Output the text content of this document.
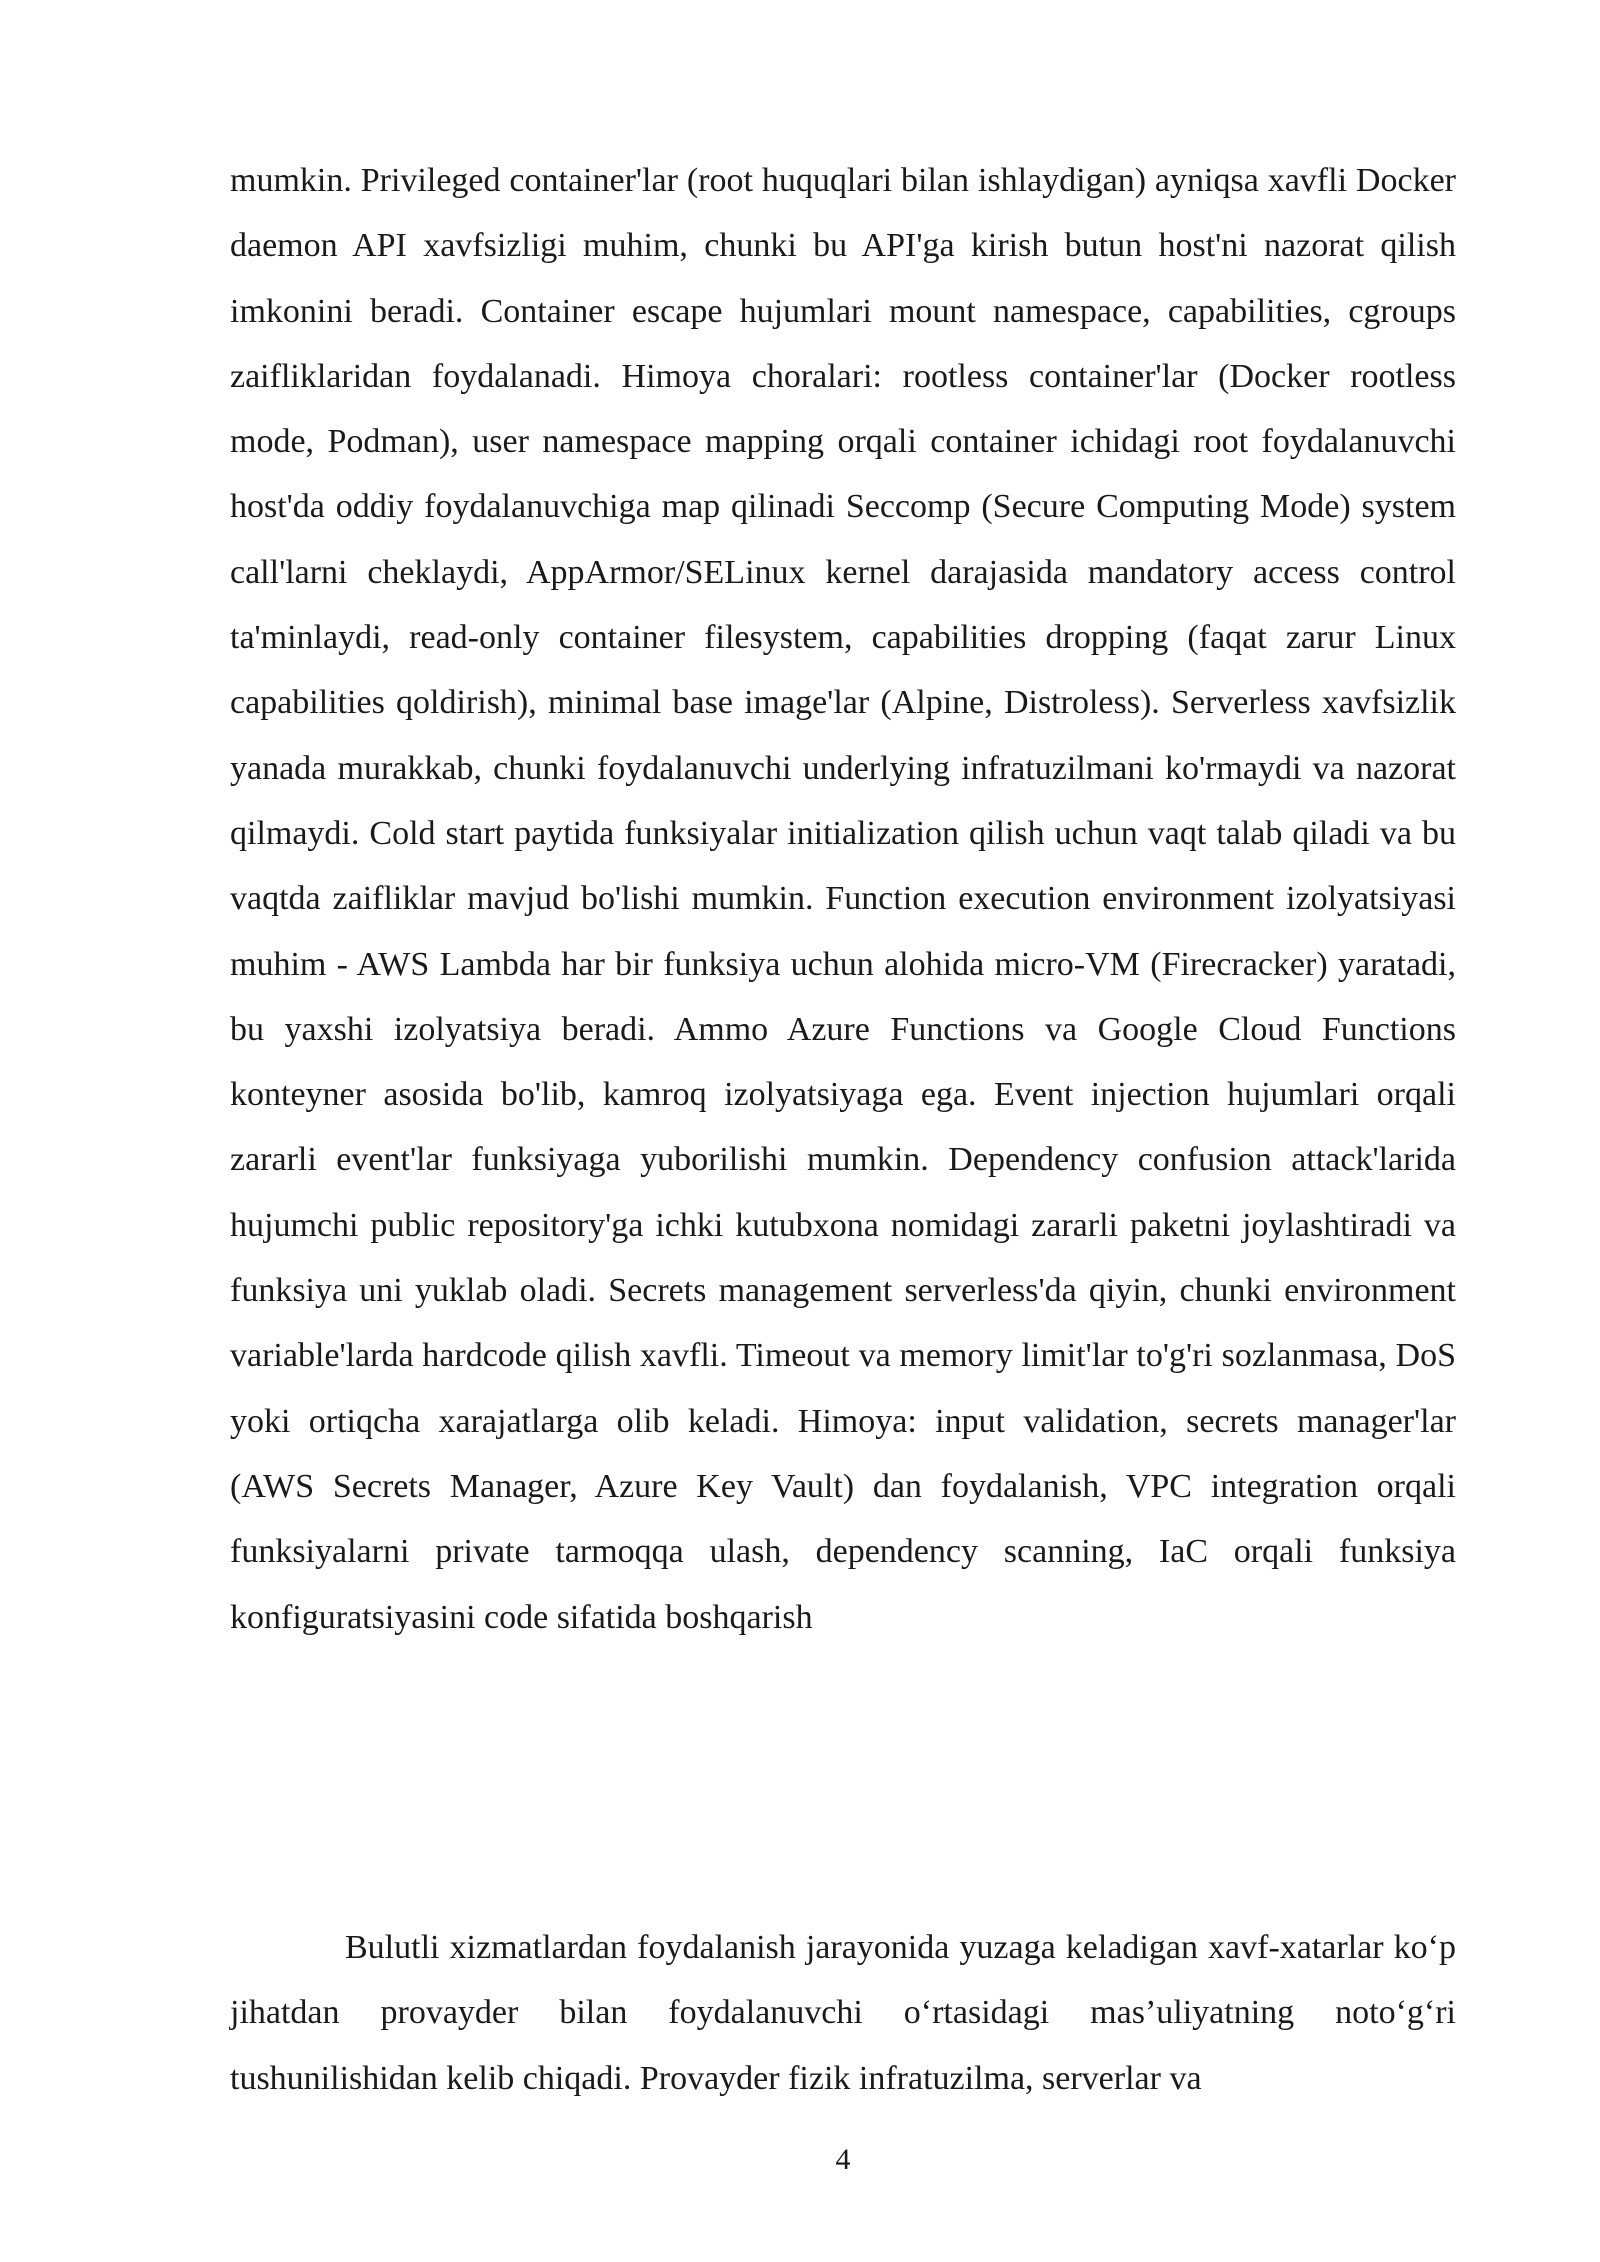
mumkin. Privileged container'lar (root huquqlari bilan ishlaydigan) ayniqsa xavfli Docker daemon API xavfsizligi muhim, chunki bu API'ga kirish butun host'ni nazorat qilish imkonini beradi. Container escape hujumlari mount namespace, capabilities, cgroups zaifliklaridan foydalanadi. Himoya choralari: rootless container'lar (Docker rootless mode, Podman), user namespace mapping orqali container ichidagi root foydalanuvchi host'da oddiy foydalanuvchiga map qilinadi Seccomp (Secure Computing Mode) system call'larni cheklaydi, AppArmor/SELinux kernel darajasida mandatory access control ta'minlaydi, read-only container filesystem, capabilities dropping (faqat zarur Linux capabilities qoldirish), minimal base image'lar (Alpine, Distroless). Serverless xavfsizlik yanada murakkab, chunki foydalanuvchi underlying infratuzilmani ko'rmaydi va nazorat qilmaydi. Cold start paytida funksiyalar initialization qilish uchun vaqt talab qiladi va bu vaqtda zaifliklar mavjud bo'lishi mumkin. Function execution environment izolyatsiyasi muhim - AWS Lambda har bir funksiya uchun alohida micro-VM (Firecracker) yaratadi, bu yaxshi izolyatsiya beradi. Ammo Azure Functions va Google Cloud Functions konteyner asosida bo'lib, kamroq izolyatsiyaga ega. Event injection hujumlari orqali zararli event'lar funksiyaga yuborilishi mumkin. Dependency confusion attack'larida hujumchi public repository'ga ichki kutubxona nomidagi zararli paketni joylashtiradi va funksiya uni yuklab oladi. Secrets management serverless'da qiyin, chunki environment variable'larda hardcode qilish xavfli. Timeout va memory limit'lar to'g'ri sozlanmasa, DoS yoki ortiqcha xarajatlarga olib keladi. Himoya: input validation, secrets manager'lar (AWS Secrets Manager, Azure Key Vault) dan foydalanish, VPC integration orqali funksiyalarni private tarmoqqa ulash, dependency scanning, IaC orqali funksiya konfiguratsiyasini code sifatida boshqarish

Bulutli xizmatlardan foydalanish jarayonida yuzaga keladigan xavf-xatarlar ko‘p jihatdan provayder bilan foydalanuvchi o‘rtasidagi mas’uliyatning noto‘g‘ri tushunilishidan kelib chiqadi. Provayder fizik infratuzilma, serverlar va

4
